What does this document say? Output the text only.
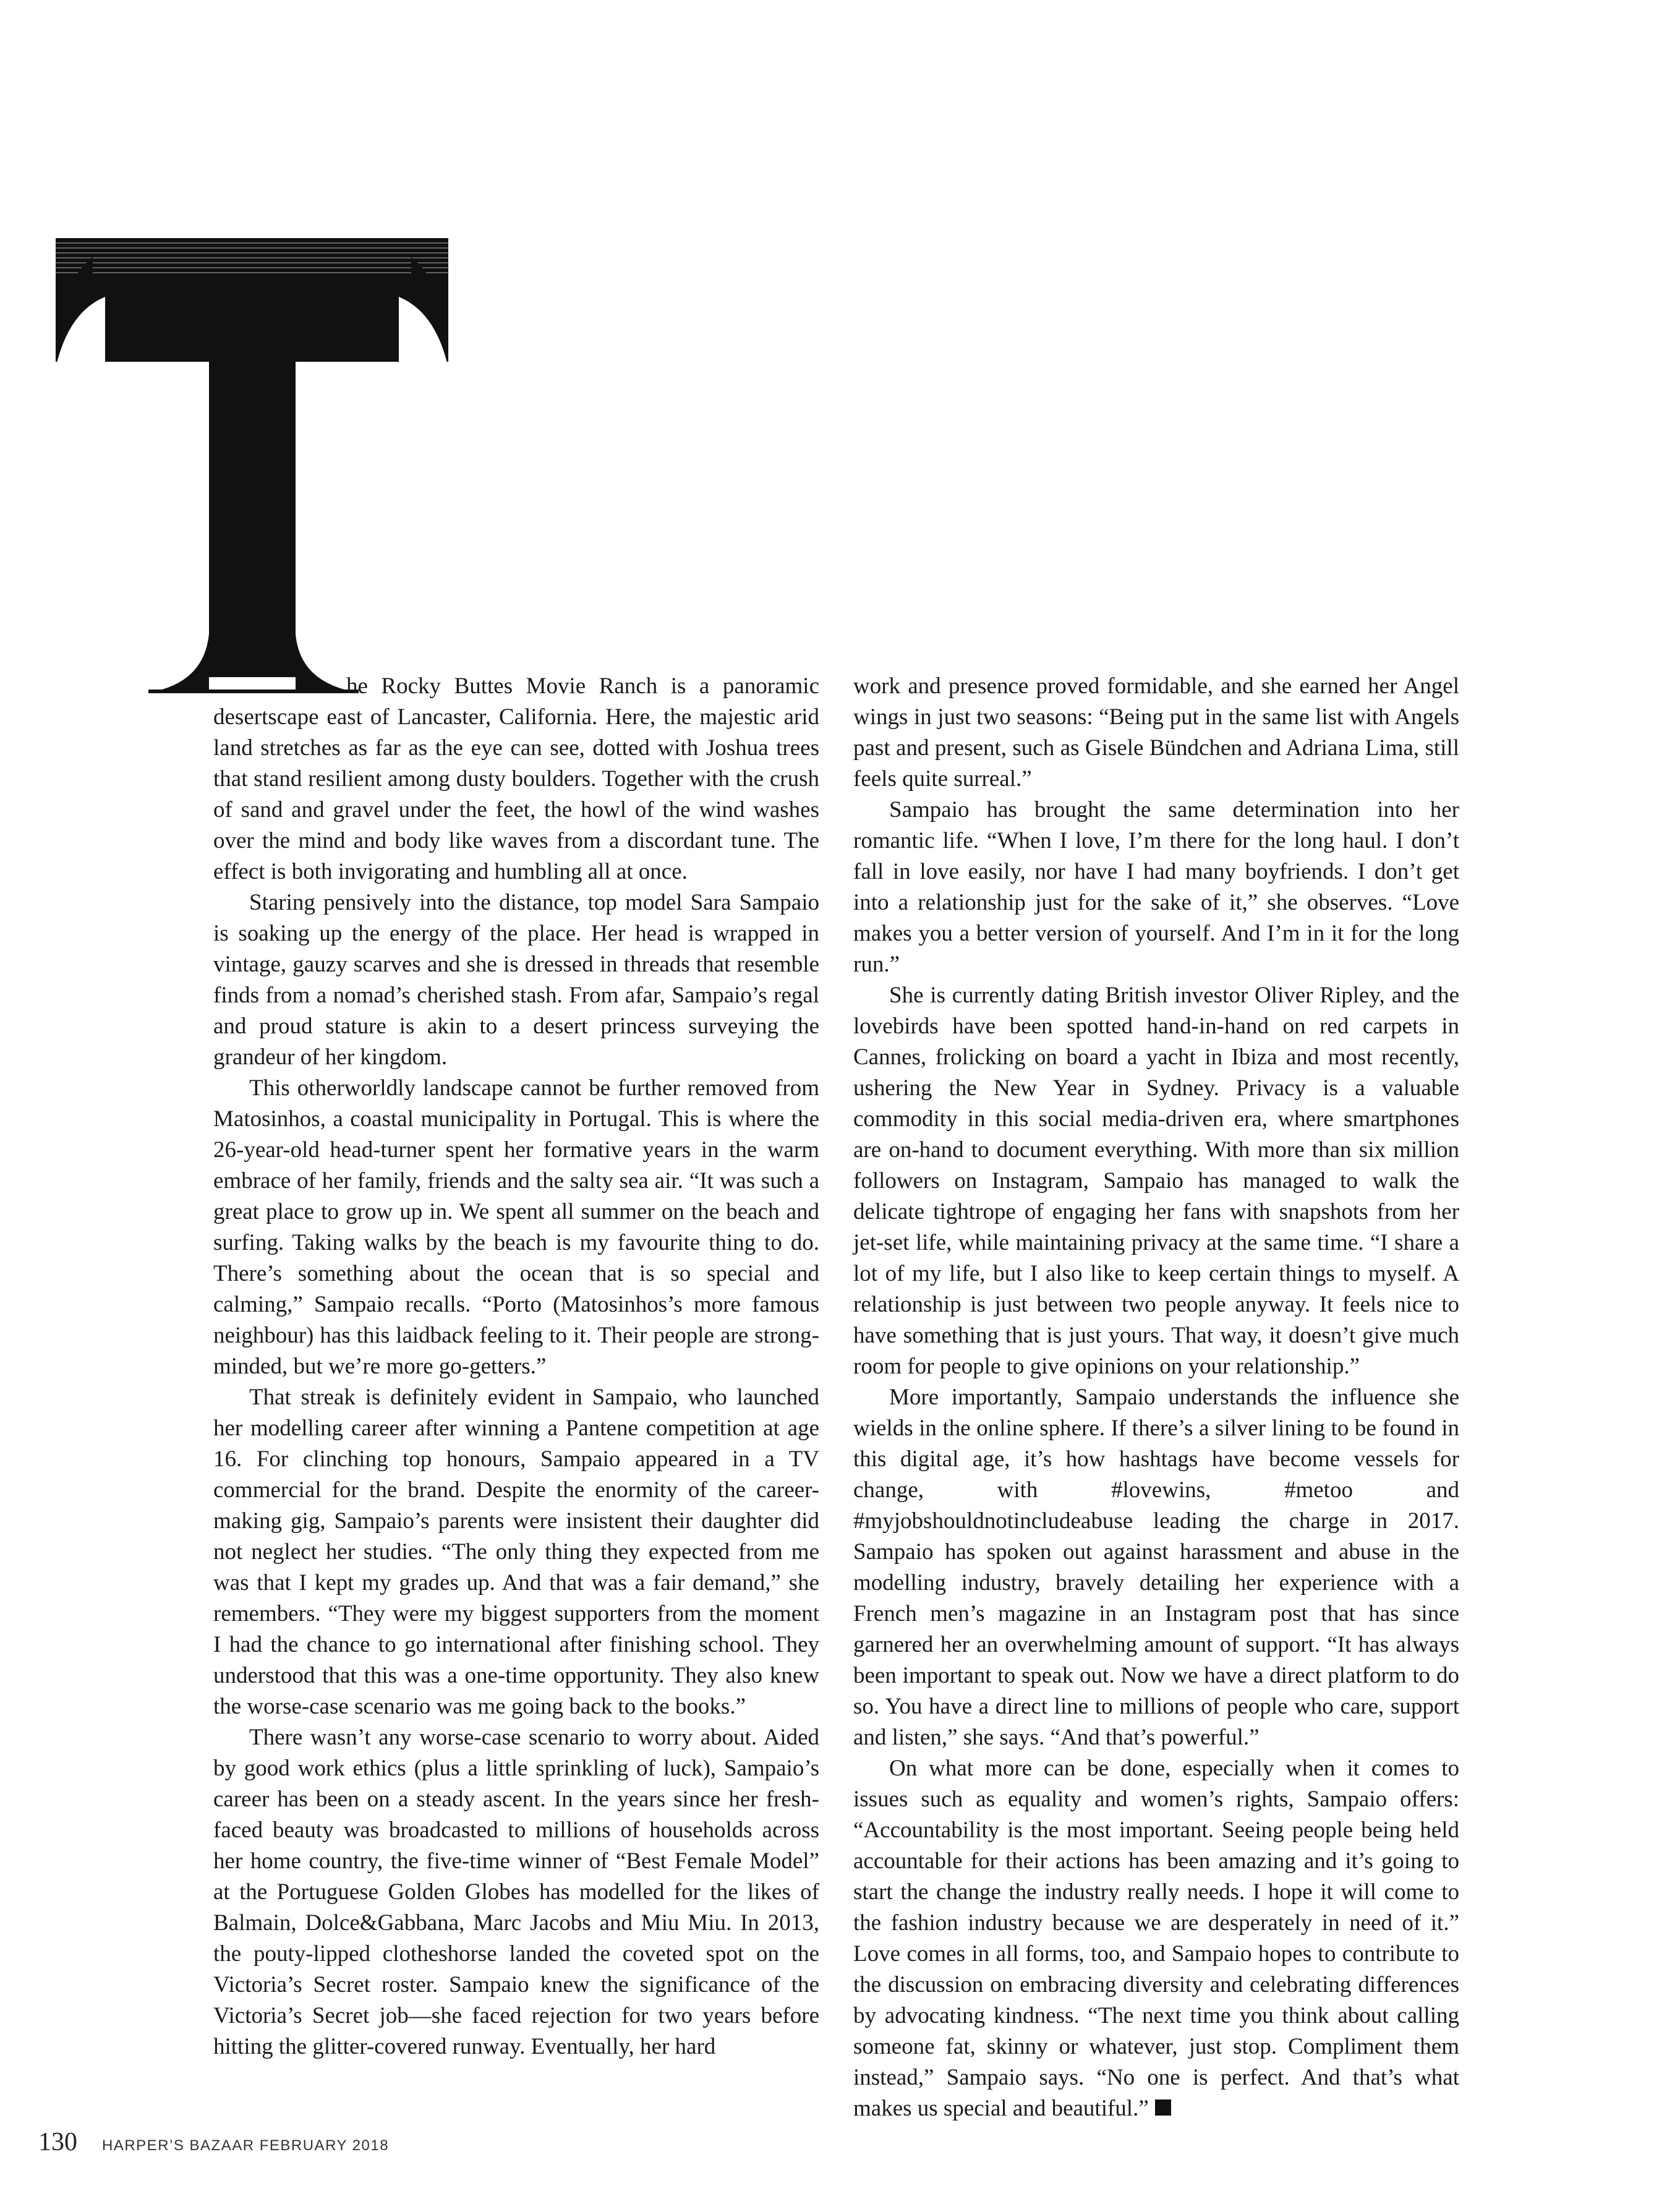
he Rocky Buttes Movie Ranch is a panoramic desertscape east of Lancaster, California. Here, the majestic arid land stretches as far as the eye can see, dotted with Joshua trees that stand resilient among dusty boulders. Together with the crush of sand and gravel under the feet, the howl of the wind washes over the mind and body like waves from a discordant tune. The effect is both invigorating and humbling all at once.

Staring pensively into the distance, top model Sara Sampaio is soaking up the energy of the place. Her head is wrapped in vintage, gauzy scarves and she is dressed in threads that resemble finds from a nomad’s cherished stash. From afar, Sampaio’s regal and proud stature is akin to a desert princess surveying the grandeur of her kingdom.

This otherworldly landscape cannot be further removed from Matosinhos, a coastal municipality in Portugal. This is where the 26-year-old head-turner spent her formative years in the warm embrace of her family, friends and the salty sea air. “It was such a great place to grow up in. We spent all summer on the beach and surfing. Taking walks by the beach is my favourite thing to do. There’s something about the ocean that is so special and calming,” Sampaio recalls. “Porto (Matosinhos’s more famous neighbour) has this laidback feeling to it. Their people are strong-minded, but we’re more go-getters.”

That streak is definitely evident in Sampaio, who launched her modelling career after winning a Pantene competition at age 16. For clinching top honours, Sampaio appeared in a TV commercial for the brand. Despite the enormity of the career-making gig, Sampaio’s parents were insistent their daughter did not neglect her studies. “The only thing they expected from me was that I kept my grades up. And that was a fair demand,” she remembers. “They were my biggest supporters from the moment I had the chance to go international after finishing school. They understood that this was a one-time opportunity. They also knew the worse-case scenario was me going back to the books.”

There wasn’t any worse-case scenario to worry about. Aided by good work ethics (plus a little sprinkling of luck), Sampaio’s career has been on a steady ascent. In the years since her fresh-faced beauty was broadcasted to millions of households across her home country, the five-time winner of “Best Female Model” at the Portuguese Golden Globes has modelled for the likes of Balmain, Dolce&Gabbana, Marc Jacobs and Miu Miu. In 2013, the pouty-lipped clotheshorse landed the coveted spot on the Victoria’s Secret roster. Sampaio knew the significance of the Victoria’s Secret job—she faced rejection for two years before hitting the glitter-covered runway. Eventually, her hard

work and presence proved formidable, and she earned her Angel wings in just two seasons: “Being put in the same list with Angels past and present, such as Gisele Bündchen and Adriana Lima, still feels quite surreal.”

Sampaio has brought the same determination into her romantic life. “When I love, I’m there for the long haul. I don’t fall in love easily, nor have I had many boyfriends. I don’t get into a relationship just for the sake of it,” she observes. “Love makes you a better version of yourself. And I’m in it for the long run.”

She is currently dating British investor Oliver Ripley, and the lovebirds have been spotted hand-in-hand on red carpets in Cannes, frolicking on board a yacht in Ibiza and most recently, ushering the New Year in Sydney. Privacy is a valuable commodity in this social media-driven era, where smartphones are on-hand to document everything. With more than six million followers on Instagram, Sampaio has managed to walk the delicate tightrope of engaging her fans with snapshots from her jet-set life, while maintaining privacy at the same time. “I share a lot of my life, but I also like to keep certain things to myself. A relationship is just between two people anyway. It feels nice to have something that is just yours. That way, it doesn’t give much room for people to give opinions on your relationship.”

More importantly, Sampaio understands the influence she wields in the online sphere. If there’s a silver lining to be found in this digital age, it’s how hashtags have become vessels for change, with #lovewins, #metoo and #myjobshouldnotincludeabuse leading the charge in 2017. Sampaio has spoken out against harassment and abuse in the modelling industry, bravely detailing her experience with a French men’s magazine in an Instagram post that has since garnered her an overwhelming amount of support. “It has always been important to speak out. Now we have a direct platform to do so. You have a direct line to millions of people who care, support and listen,” she says. “And that’s powerful.”

On what more can be done, especially when it comes to issues such as equality and women’s rights, Sampaio offers: “Accountability is the most important. Seeing people being held accountable for their actions has been amazing and it’s going to start the change the industry really needs. I hope it will come to the fashion industry because we are desperately in need of it.” Love comes in all forms, too, and Sampaio hopes to contribute to the discussion on embracing diversity and celebrating differences by advocating kindness. “The next time you think about calling someone fat, skinny or whatever, just stop. Compliment them instead,” Sampaio says. “No one is perfect. And that’s what makes us special and beautiful.”

130 HARPER’S BAZAAR FEBRUARY 2018
